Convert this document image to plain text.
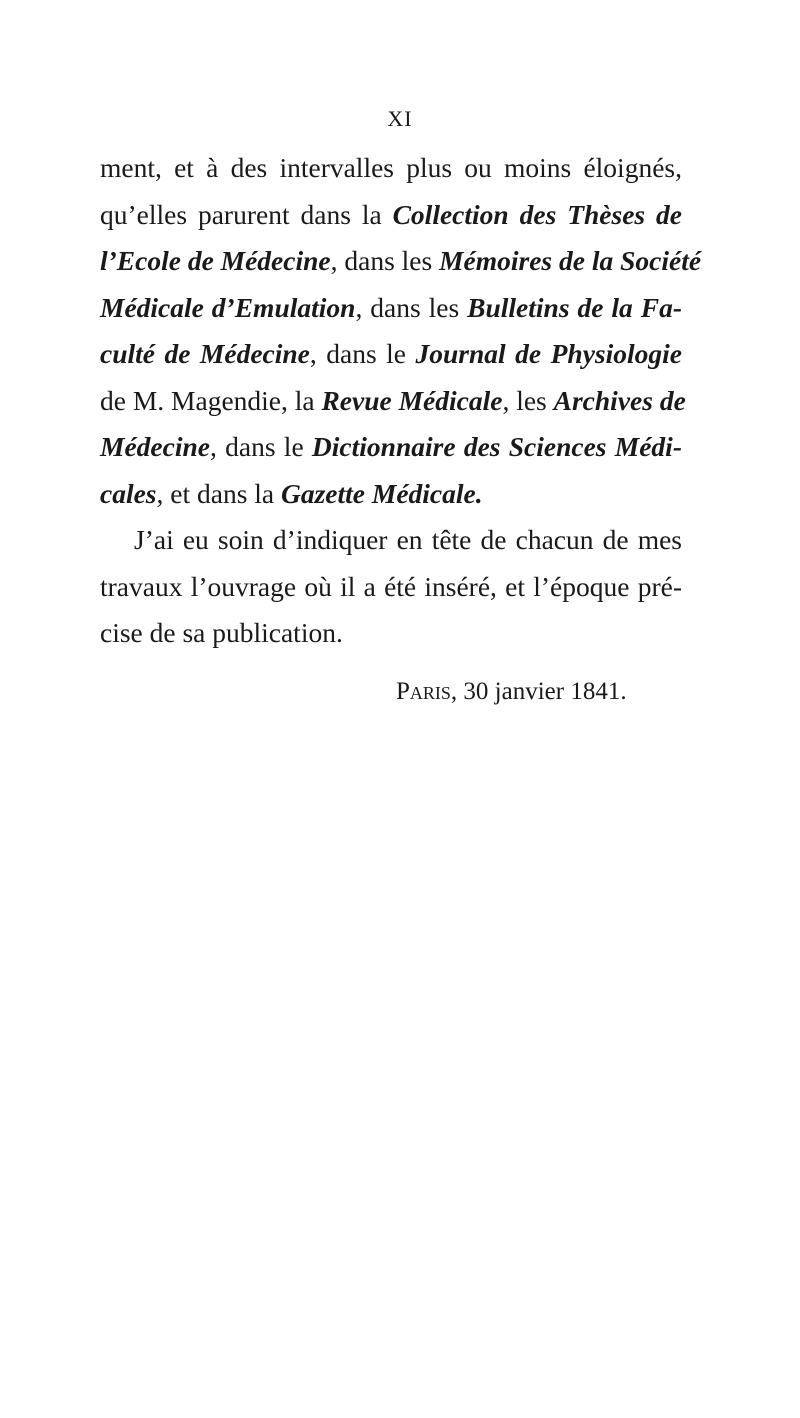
XI

ment, et à des intervalles plus ou moins éloignés,
qu’elles parurent dans la Collection des Thèses de
l’Ecole de Médecine, dans les Mémoires de la Société
Médicale d’Emulation, dans les Bulletins de la Fa-
culté de Médecine, dans le Journal de Physiologie
de M. Magendie, la Revue Médicale, les Archives de
Médecine, dans le Dictionnaire des Sciences Médi-
cales, et dans la Gazette Médicale.

J’ai eu soin d’indiquer en tête de chacun de mes
travaux l’ouvrage où il a été inséré, et l’époque pré-
cise de sa publication.

Paris, 30 janvier 1841.
